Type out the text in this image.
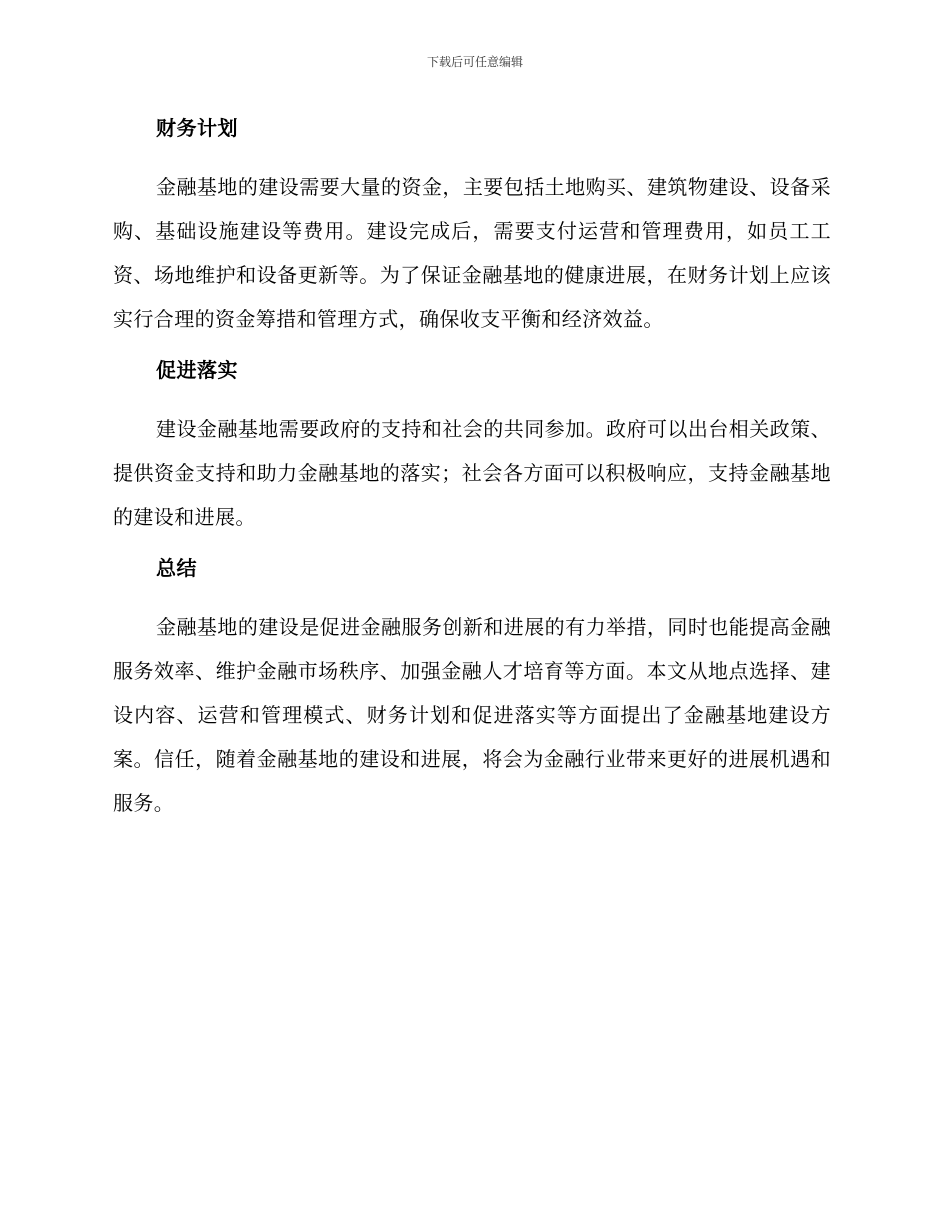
下载后可任意编辑
财务计划

金融基地的建设需要大量的资金，主要包括土地购买、建筑物建设、设备采购、基础设施建设等费用。建设完成后，需要支付运营和管理费用，如员工工资、场地维护和设备更新等。为了保证金融基地的健康进展，在财务计划上应该实行合理的资金筹措和管理方式，确保收支平衡和经济效益。

促进落实

建设金融基地需要政府的支持和社会的共同参加。政府可以出台相关政策、提供资金支持和助力金融基地的落实；社会各方面可以积极响应，支持金融基地的建设和进展。

总结

金融基地的建设是促进金融服务创新和进展的有力举措，同时也能提高金融服务效率、维护金融市场秩序、加强金融人才培育等方面。本文从地点选择、建设内容、运营和管理模式、财务计划和促进落实等方面提出了金融基地建设方案。信任，随着金融基地的建设和进展，将会为金融行业带来更好的进展机遇和服务。
